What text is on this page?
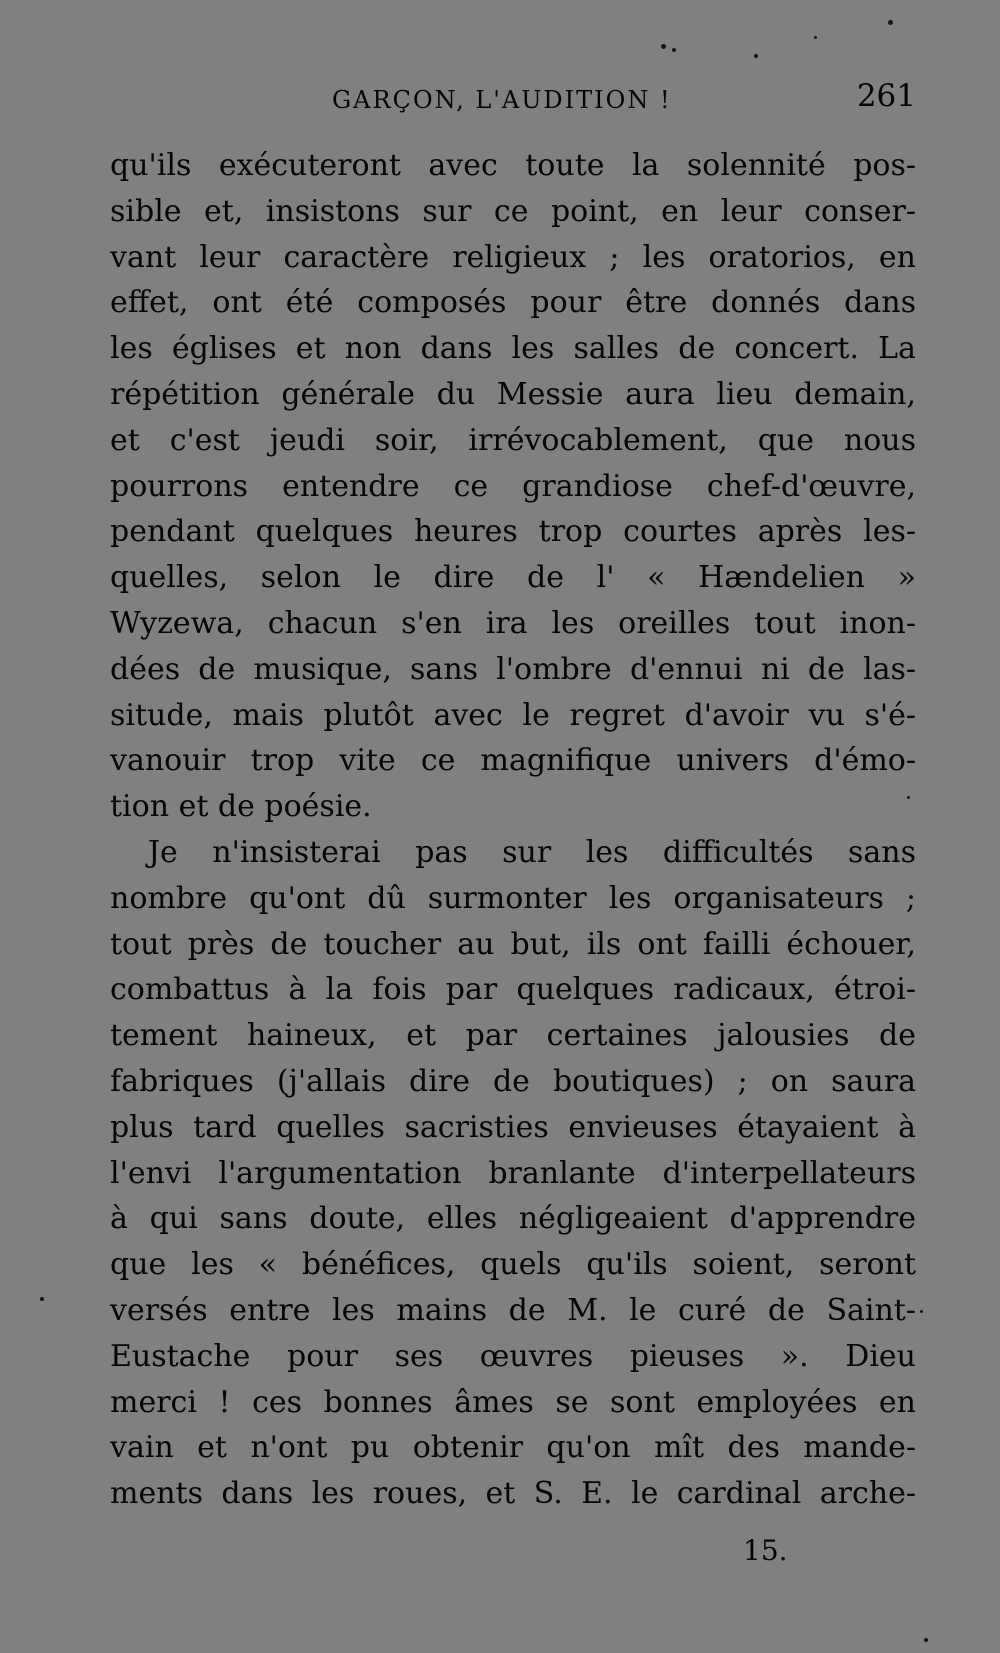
GARÇON, L'AUDITION !	261
qu'ils exécuteront avec toute la solennité pos-
sible et, insistons sur ce point, en leur conser-
vant leur caractère religieux ; les oratorios, en
effet, ont été composés pour être donnés dans
les églises et non dans les salles de concert. La
répétition générale du Messie aura lieu demain,
et c'est jeudi soir, irrévocablement, que nous
pourrons entendre ce grandiose chef-d'œuvre,
pendant quelques heures trop courtes après les-
quelles, selon le dire de l' « Hændelien »
Wyzewa, chacun s'en ira les oreilles tout inon-
dées de musique, sans l'ombre d'ennui ni de las-
situde, mais plutôt avec le regret d'avoir vu s'é-
vanouir trop vite ce magnifique univers d'émo-
tion et de poésie.
Je n'insisterai pas sur les difficultés sans
nombre qu'ont dû surmonter les organisateurs ;
tout près de toucher au but, ils ont failli échouer,
combattus à la fois par quelques radicaux, étroi-
tement haineux, et par certaines jalousies de
fabriques (j'allais dire de boutiques) ; on saura
plus tard quelles sacristies envieuses étayaient à
l'envi l'argumentation branlante d'interpellateurs
à qui sans doute, elles négligeaient d'apprendre
que les « bénéfices, quels qu'ils soient, seront
versés entre les mains de M. le curé de Saint-
Eustache pour ses œuvres pieuses ». Dieu
merci ! ces bonnes âmes se sont employées en
vain et n'ont pu obtenir qu'on mît des mande-
ments dans les roues, et S. E. le cardinal arche-
15.
